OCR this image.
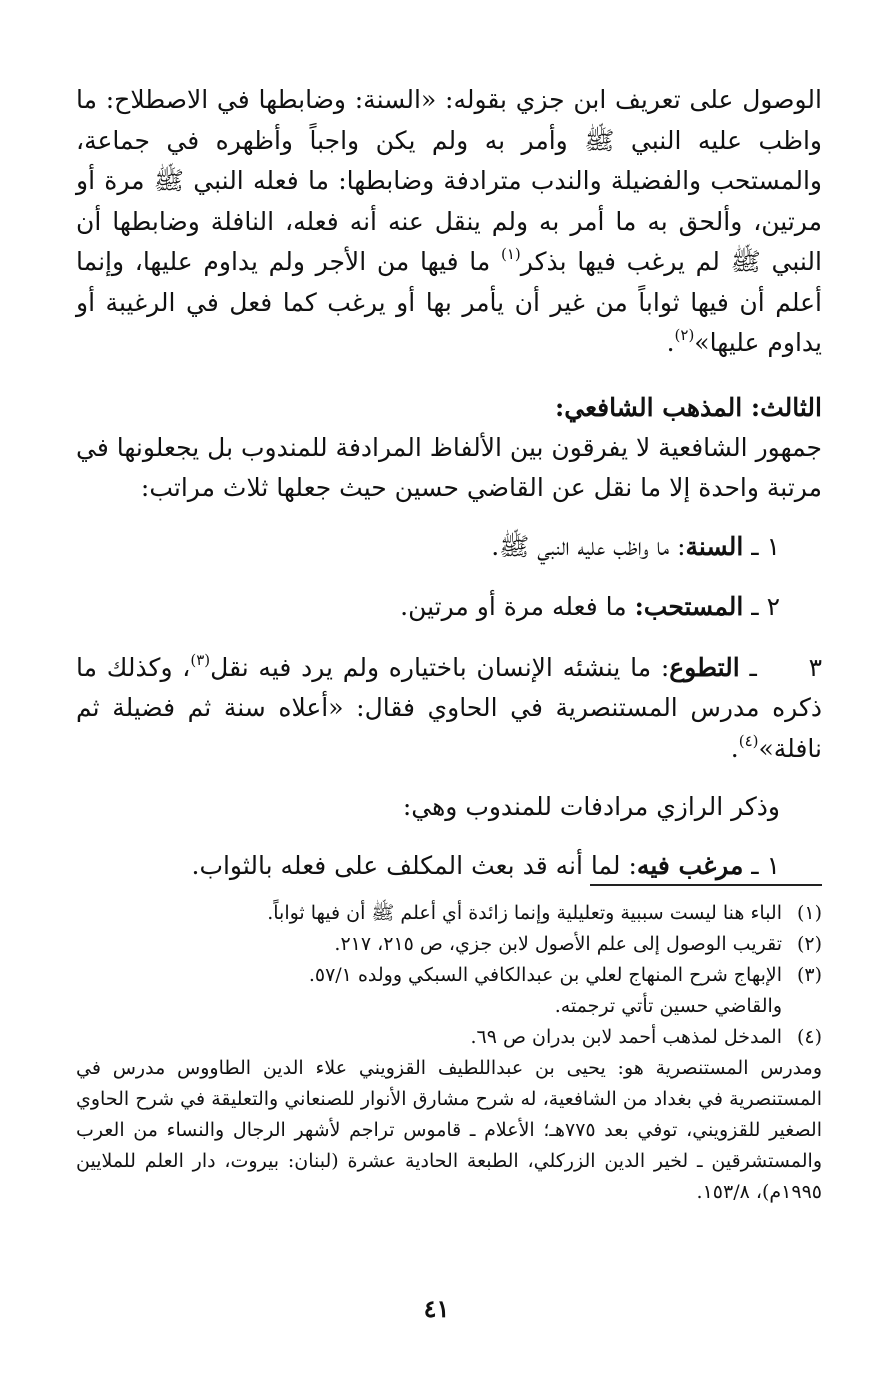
الوصول على تعريف ابن جزي بقوله: «السنة: وضابطها في الاصطلاح: ما واظب عليه النبي ﷺ وأمر به ولم يكن واجباً وأظهره في جماعة، والمستحب والفضيلة والندب مترادفة وضابطها: ما فعله النبي ﷺ مرة أو مرتين، وألحق به ما أمر به ولم ينقل عنه أنه فعله، النافلة وضابطها أن النبي ﷺ لم يرغب فيها بذكر$^{(١)}$ ما فيها من الأجر ولم يداوم عليها، وإنما أعلم أن فيها ثواباً من غير أن يأمر بها أو يرغب كما فعل في الرغيبة أو يداوم عليها»$^{(٢)}$.

الثالث: المذهب الشافعي:

جمهور الشافعية لا يفرقون بين الألفاظ المرادفة للمندوب بل يجعلونها في مرتبة واحدة إلا ما نقل عن القاضي حسين حيث جعلها ثلاث مراتب:

١ ـ السنة: ما واظب عليه النبي ﷺ.

٢ ـ المستحب: ما فعله مرة أو مرتين.

٣ ـ التطوع: ما ينشئه الإنسان باختياره ولم يرد فيه نقل$^{(٣)}$، وكذلك ما ذكره مدرس المستنصرية في الحاوي فقال: «أعلاه سنة ثم فضيلة ثم نافلة»$^{(٤)}$.

وذكر الرازي مرادفات للمندوب وهي:

١ ـ مرغب فيه: لما أنه قد بعث المكلف على فعله بالثواب.

(١)
الباء هنا ليست سببية وتعليلية وإنما زائدة أي أعلم ﷺ أن فيها ثواباً.
(٢)
تقريب الوصول إلى علم الأصول لابن جزي، ص ٢١٥، ٢١٧.
(٣)
الإبهاج شرح المنهاج لعلي بن عبدالكافي السبكي وولده ٥٧/١.
والقاضي حسين تأتي ترجمته.
(٤)
المدخل لمذهب أحمد لابن بدران ص ٦٩.

ومدرس المستنصرية هو: يحيى بن عبداللطيف القزويني علاء الدين الطاووس مدرس في المستنصرية في بغداد من الشافعية، له شرح مشارق الأنوار للصنعاني والتعليقة في شرح الحاوي الصغير للقزويني، توفي بعد ٧٧٥هـ؛ الأعلام ـ قاموس تراجم لأشهر الرجال والنساء من العرب والمستشرقين ـ لخير الدين الزركلي، الطبعة الحادية عشرة (لبنان: بيروت، دار العلم للملايين ١٩٩٥م)، ١٥٣/٨.

٤١
